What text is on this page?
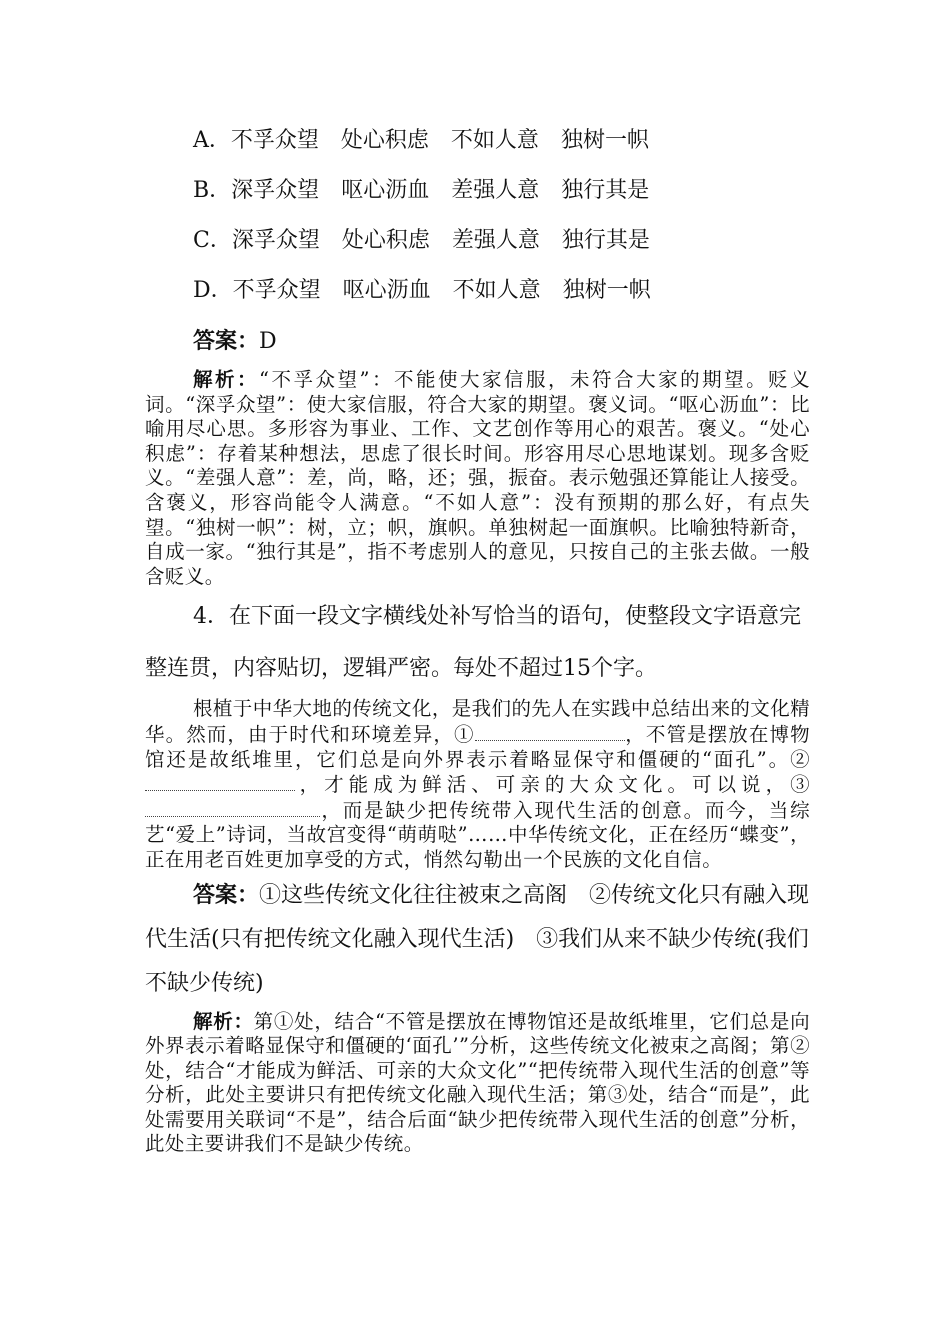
A．不孚众望 处心积虑 不如人意 独树一帜
B．深孚众望 呕心沥血 差强人意 独行其是
C．深孚众望 处心积虑 差强人意 独行其是
D．不孚众望 呕心沥血 不如人意 独树一帜
答案：D
解析：“不孚众望”：不能使大家信服，未符合大家的期望。贬义词。“深孚众望”：使大家信服，符合大家的期望。褒义词。“呕心沥血”：比喻用尽心思。多形容为事业、工作、文艺创作等用心的艰苦。褒义。“处心积虑”：存着某种想法，思虑了很长时间。形容用尽心思地谋划。现多含贬义。“差强人意”：差，尚，略，还；强，振奋。表示勉强还算能让人接受。含褒义，形容尚能令人满意。“不如人意”：没有预期的那么好，有点失望。“独树一帜”：树，立；帜，旗帜。单独树起一面旗帜。比喻独特新奇，自成一家。“独行其是”，指不考虑别人的意见，只按自己的主张去做。一般含贬义。
4．在下面一段文字横线处补写恰当的语句，使整段文字语意完整连贯，内容贴切，逻辑严密。每处不超过15个字。
根植于中华大地的传统文化，是我们的先人在实践中总结出来的文化精华。然而，由于时代和环境差异，①	，不管是摆放在博物馆还是故纸堆里，它们总是向外界表示着略显保守和僵硬的“面孔”。②，才能成为鲜活、可亲的大众文化。可以说，③，而是缺少把传统带入现代生活的创意。而今，当综艺“爱上”诗词，当故宫变得“萌萌哒”……中华传统文化，正在经历“蝶变”，正在用老百姓更加享受的方式，悄然勾勒出一个民族的文化自信。
答案：①这些传统文化往往被束之高阁　②传统文化只有融入现代生活(只有把传统文化融入现代生活)　③我们从来不缺少传统(我们不缺少传统)
解析：第①处，结合“不管是摆放在博物馆还是故纸堆里，它们总是向外界表示着略显保守和僵硬的‘面孔’”分析，这些传统文化被束之高阁；第②处，结合“才能成为鲜活、可亲的大众文化”“把传统带入现代生活的创意”等分析，此处主要讲只有把传统文化融入现代生活；第③处，结合“而是”，此处需要用关联词“不是”，结合后面“缺少把传统带入现代生活的创意”分析，此处主要讲我们不是缺少传统。
